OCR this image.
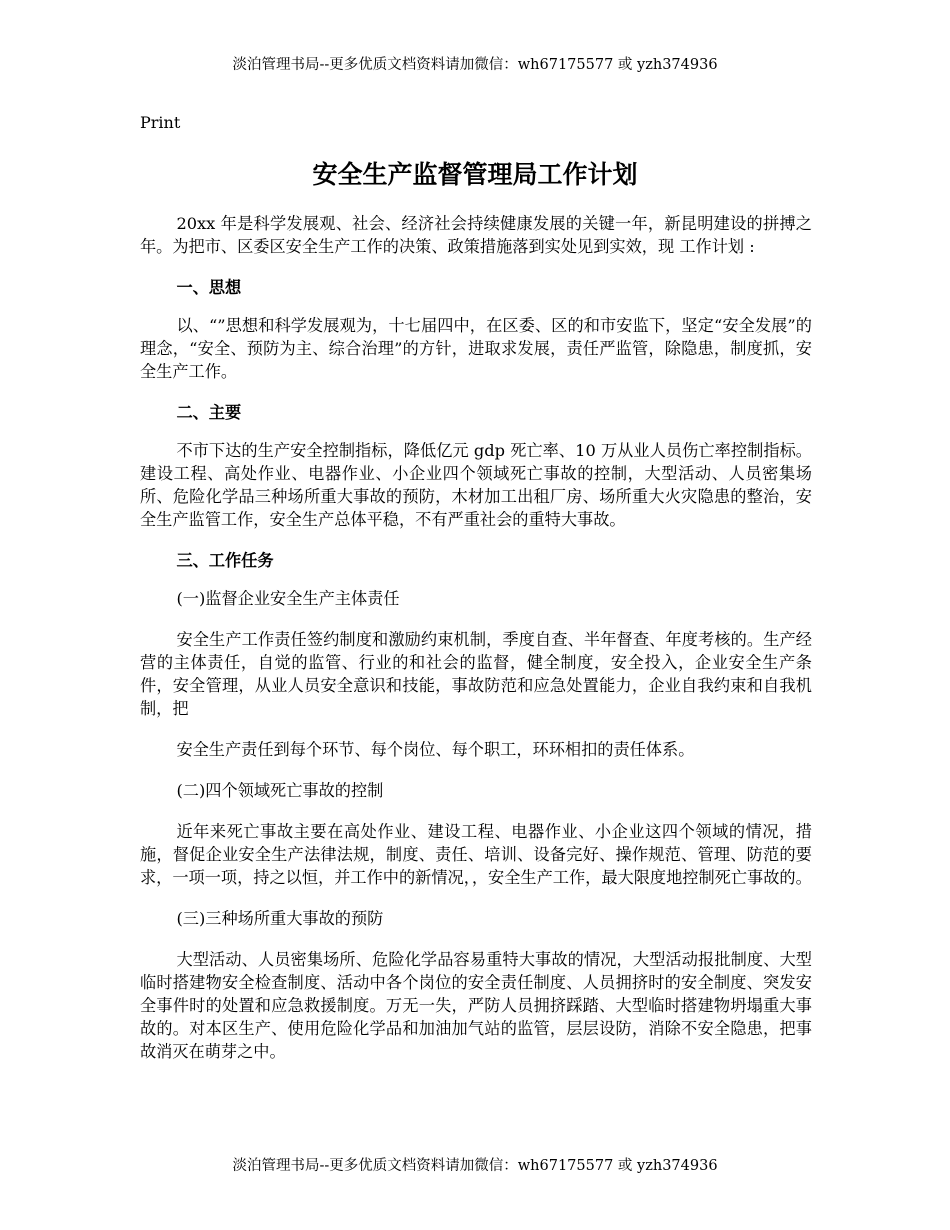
淡泊管理书局--更多优质文档资料请加微信：wh67175577 或 yzh374936
Print
安全生产监督管理局工作计划

20xx 年是科学发展观、社会、经济社会持续健康发展的关键一年，新昆明建设的拼搏之年。为把市、区委区安全生产工作的决策、政策措施落到实处见到实效，现 工作计划 :

一、思想

以、“”思想和科学发展观为，十七届四中，在区委、区的和市安监下，坚定“安全发展”的理念，“安全、预防为主、综合治理”的方针，进取求发展，责任严监管，除隐患，制度抓，安全生产工作。

二、主要

不市下达的生产安全控制指标，降低亿元 gdp 死亡率、10 万从业人员伤亡率控制指标。建设工程、高处作业、电器作业、小企业四个领域死亡事故的控制，大型活动、人员密集场所、危险化学品三种场所重大事故的预防，木材加工出租厂房、场所重大火灾隐患的整治，安全生产监管工作，安全生产总体平稳，不有严重社会的重特大事故。

三、工作任务

(一)监督企业安全生产主体责任

安全生产工作责任签约制度和激励约束机制，季度自查、半年督查、年度考核的。生产经营的主体责任，自觉的监管、行业的和社会的监督，健全制度，安全投入，企业安全生产条件，安全管理，从业人员安全意识和技能，事故防范和应急处置能力，企业自我约束和自我机制，把

安全生产责任到每个环节、每个岗位、每个职工，环环相扣的责任体系。

(二)四个领域死亡事故的控制

近年来死亡事故主要在高处作业、建设工程、电器作业、小企业这四个领域的情况，措施，督促企业安全生产法律法规，制度、责任、培训、设备完好、操作规范、管理、防范的要求，一项一项，持之以恒，并工作中的新情况，，安全生产工作，最大限度地控制死亡事故的。

(三)三种场所重大事故的预防

大型活动、人员密集场所、危险化学品容易重特大事故的情况，大型活动报批制度、大型临时搭建物安全检查制度、活动中各个岗位的安全责任制度、人员拥挤时的安全制度、突发安全事件时的处置和应急救援制度。万无一失，严防人员拥挤踩踏、大型临时搭建物坍塌重大事故的。对本区生产、使用危险化学品和加油加气站的监管，层层设防，消除不安全隐患，把事故消灭在萌芽之中。

淡泊管理书局--更多优质文档资料请加微信：wh67175577 或 yzh374936
